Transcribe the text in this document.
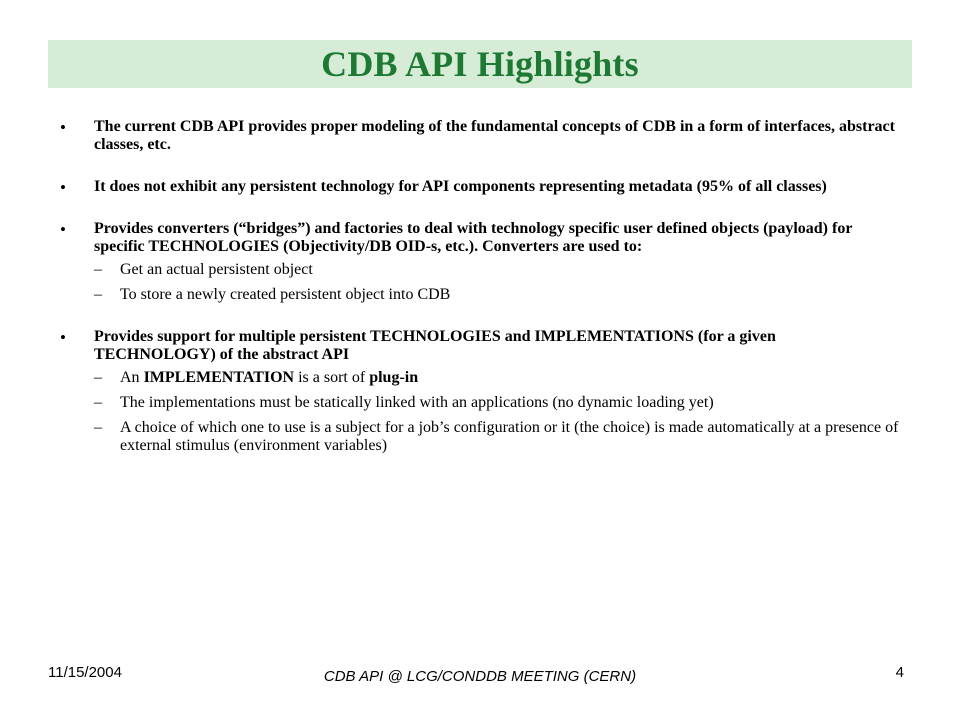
CDB API Highlights
• The current CDB API provides proper modeling of the fundamental concepts of CDB in a form of interfaces, abstract classes, etc.
• It does not exhibit any persistent technology for API components representing metadata (95% of all classes)
• Provides converters (“bridges”) and factories to deal with technology specific user defined objects (payload) for specific TECHNOLOGIES (Objectivity/DB OID-s, etc.). Converters are used to:
– Get an actual persistent object
– To store a newly created persistent object into CDB
• Provides support for multiple persistent TECHNOLOGIES and IMPLEMENTATIONS (for a given TECHNOLOGY) of the abstract API
– An IMPLEMENTATION is a sort of plug-in
– The implementations must be statically linked with an applications (no dynamic loading yet)
– A choice of which one to use is a subject for a job’s configuration or it (the choice) is made automatically at a presence of external stimulus (environment variables)
11/15/2004	CDB API @ LCG/CONDDB MEETING (CERN)	4
